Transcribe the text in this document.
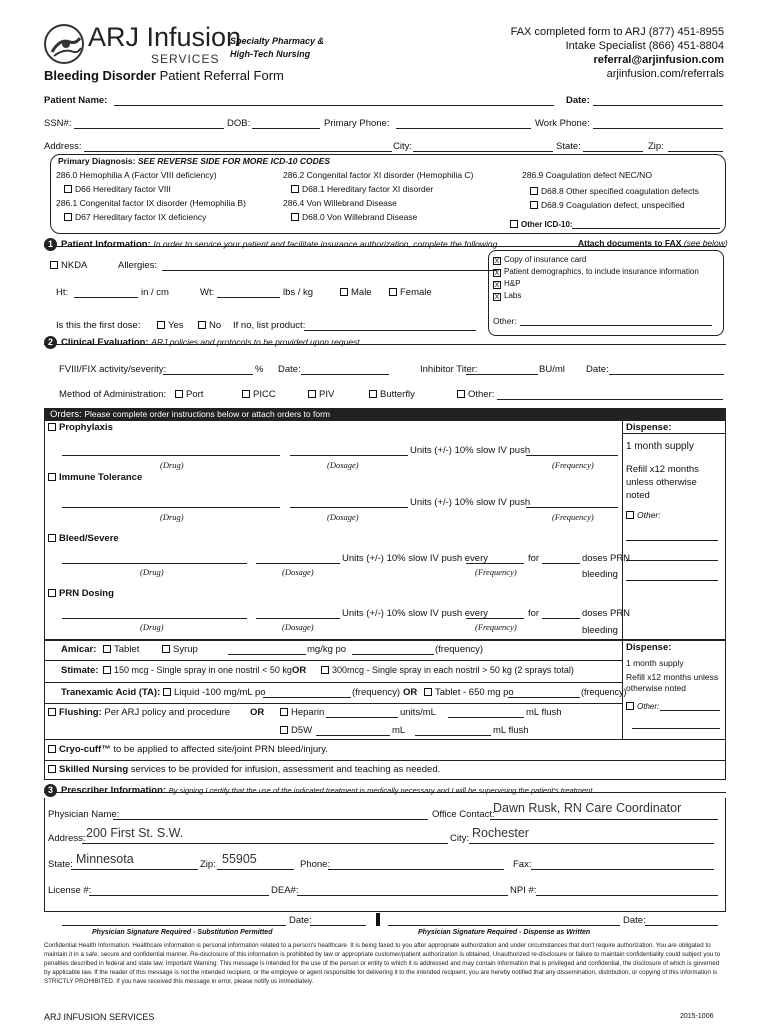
ARJ Infusion
SERVICES
Specialty Pharmacy &
High-Tech Nursing
Bleeding Disorder Patient Referral Form
FAX completed form to ARJ (877) 451-8955
Intake Specialist (866) 451-8804
referral@arjinfusion.com
arjinfusion.com/referrals
Patient Name:	Date:
SSN#:	DOB:	Primary Phone:	Work Phone:
Address:	City:	State:	Zip:
Primary Diagnosis: SEE REVERSE SIDE FOR MORE ICD-10 CODES
286.0 Hemophilia A (Factor VIII deficiency)
D66 Hereditary factor VIII
286.1 Congenital factor IX disorder (Hemophilia B)
D67 Hereditary factor IX deficiency
286.2 Congenital factor XI disorder (Hemophilia C)
D68.1 Hereditary factor XI disorder
286.4 Von Willebrand Disease
D68.0 Von Willebrand Disease
286.9 Coagulation defect NEC/NO
D68.8 Other specified coagulation defects
D68.9 Coagulation defect, unspecified
Other ICD-10:
1 Patient Information: In order to service your patient and facilitate insurance authorization, complete the following.	Attach documents to FAX (see below)
NKDA	Allergies:
Ht:	in / cm	Wt:	lbs / kg	Male	Female
Is this the first dose:	Yes	No If no, list product:
X Copy of insurance card
X Patient demographics, to include insurance information
X H&P
X Labs
Other:
2 Clinical Evaluation: ARJ policies and protocols to be provided upon request
FVIII/FIX activity/severity:	% Date:	Inhibitor Titer:	BU/ml Date:
Method of Administration:	Port	PICC	PIV	Butterfly	Other:
Orders: Please complete order instructions below or attach orders to form
Dispense:
1 month supply
Refill x12 months unless otherwise noted
Other:
Prophylaxis
Units (+/-) 10% slow IV push
(Drug)	(Dosage)	(Frequency)
Immune Tolerance
Units (+/-) 10% slow IV push
(Drug)	(Dosage)	(Frequency)
Bleed/Severe
Units (+/-) 10% slow IV push every	for	doses PRN
bleeding
(Drug)	(Dosage)	(Frequency)
PRN Dosing
Units (+/-) 10% slow IV push every	for	doses PRN
bleeding
(Drug)	(Dosage)	(Frequency)
Dispense:
1 month supply
Refill x12 months unless otherwise noted
Other:
Amicar:	Tablet	Syrup	mg/kg po	(frequency)
Stimate:	150 mcg - Single spray in one nostril < 50 kg OR	300mcg - Single spray in each nostril > 50 kg (2 sprays total)
Tranexamic Acid (TA):	Liquid -100 mg/mL po	(frequency) OR	Tablet - 650 mg po	(frequency)
Flushing: Per ARJ policy and procedure OR	Heparin	units/mL	mL flush
D5W	mL	mL flush
Cryo-cuff™ to be applied to affected site/joint PRN bleed/injury.
Skilled Nursing services to be provided for infusion, assessment and teaching as needed.
3 Prescriber Information: By signing I certify that the use of the indicated treatment is medically necessary and I will be supervising the patient's treatment.
Physician Name:	Office Contact:
Dawn Rusk, RN Care Coordinator
Address: 200 First St. S.W.	City: Rochester
State: Minnesota	Zip: 55905	Phone:	Fax:
License #:	DEA#:	NPI #:
Date:	Date:
Physician Signature Required - Substitution Permitted	Physician Signature Required - Dispense as Written
Confidential Health Information: Healthcare information is personal information related to a person's healthcare. It is being faxed to you after appropriate authorization and under circumstances that don't require authorization. You are obligated to maintain it in a safe, secure and confidential manner. Re-disclosure of this information is prohibited by law or appropriate customer/patient authorization is obtained. Unauthorized re-disclosure or failure to maintain confidentiality could subject you to penalties described in federal and state law. Important Warning: This message is intended for the use of the person or entity to which it is addressed and may contain information that is privileged and confidential, the disclosure of which is governed by applicable law. If the reader of this message is not the intended recipient, or the employee or agent responsible for delivering it to the intended recipient, you are hereby notified that any dissemination, distribution, or copying of this information is STRICTLY PROHIBITED. If you have received this message in error, please notify us immediately.
ARJ INFUSION SERVICES	2015-1006
